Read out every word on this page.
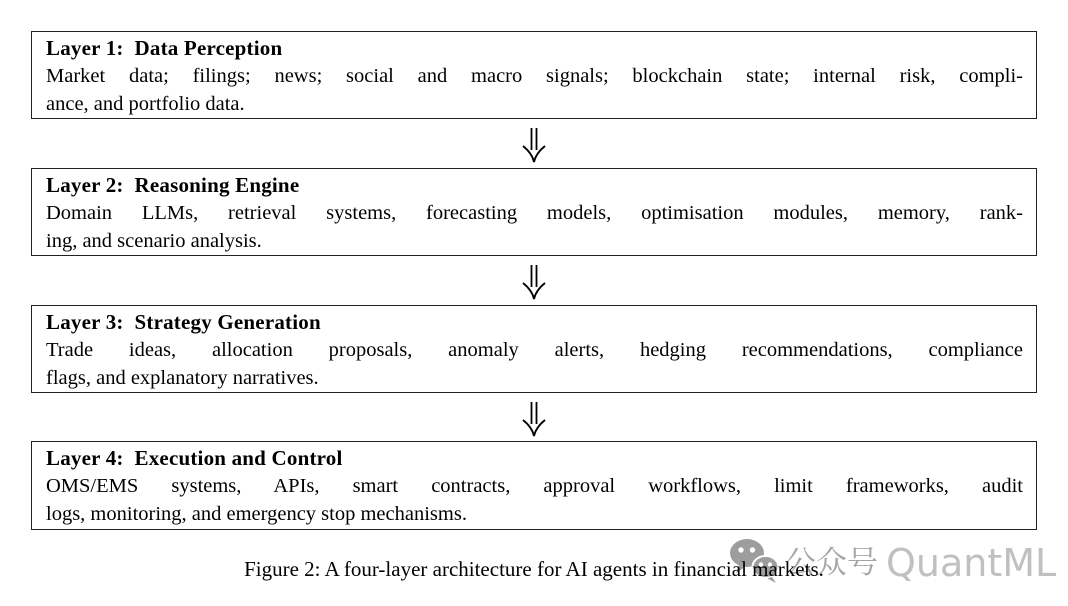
公众号 QuantML
Layer 1:  Data Perception
Market data; filings; news; social and macro signals; blockchain state; internal risk, compli-
ance, and portfolio data.
Layer 2:  Reasoning Engine
Domain LLMs, retrieval systems, forecasting models, optimisation modules, memory, rank-
ing, and scenario analysis.
Layer 3:  Strategy Generation
Trade ideas, allocation proposals, anomaly alerts, hedging recommendations, compliance
flags, and explanatory narratives.
Layer 4:  Execution and Control
OMS/EMS systems, APIs, smart contracts, approval workflows, limit frameworks, audit
logs, monitoring, and emergency stop mechanisms.
Figure 2: A four-layer architecture for AI agents in financial markets.
